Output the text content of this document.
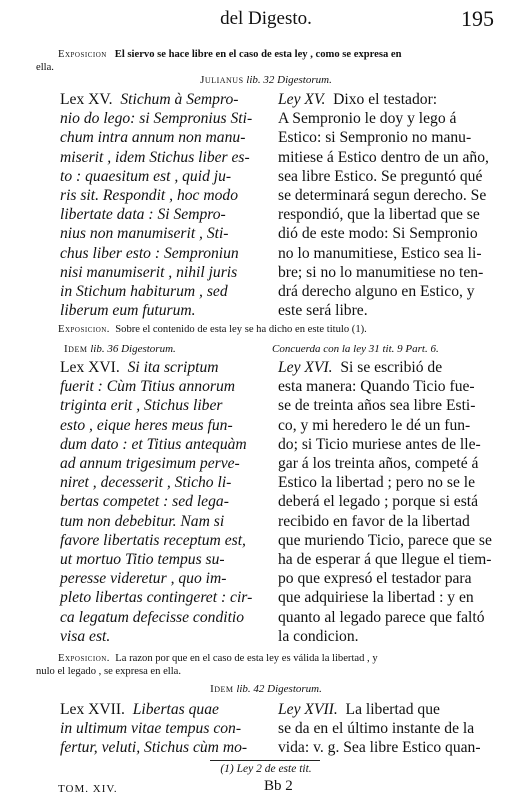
del Digesto.	195
Exposicion El siervo se hace libre en el caso de esta ley , como se expresa en
ella.
Julianus lib. 32 Digestorum.

Lex XV. Stichum à Sempro-

nio do lego: si Sempronius Sti-

chum intra annum non manu-

miserit , idem Stichus liber es-

to : quaesitum est , quid ju-

ris sit. Respondit , hoc modo

libertate data : Si Sempro-

nius non manumiserit , Sti-

chus liber esto : Semproniun

nisi manumiserit , nihil juris

in Stichum habiturum , sed

liberum eum futurum.

Ley XV. Dixo el testador:

A Sempronio le doy y lego á

Estico: si Sempronio no manu-

mitiese á Estico dentro de un año,

sea libre Estico. Se preguntó qué

se determinará segun derecho. Se

respondió, que la libertad que se

dió de este modo: Si Sempronio

no lo manumitiese, Estico sea li-

bre; si no lo manumitiese no ten-

drá derecho alguno en Estico, y

este será libre.

Exposicion. Sobre el contenido de esta ley se ha dicho en este titulo (1).
Idem lib. 36 Digestorum.	Concuerda con la ley 31 tit. 9 Part. 6.

Lex XVI. Si ita scriptum

fuerit : Cùm Titius annorum

triginta erit , Stichus liber

esto , eique heres meus fun-

dum dato : et Titius antequàm

ad annum trigesimum perve-

niret , decesserit , Sticho li-

bertas competet : sed lega-

tum non debebitur. Nam si

favore libertatis receptum est,

ut mortuo Titio tempus su-

peresse videretur , quo im-

pleto libertas contingeret : cir-

ca legatum defecisse conditio

visa est.

Ley XVI. Si se escribió de

esta manera: Quando Ticio fue-

se de treinta años sea libre Esti-

co, y mi heredero le dé un fun-

do; si Ticio muriese antes de lle-

gar á los treinta años, competé á

Estico la libertad ; pero no se le

deberá el legado ; porque si está

recibido en favor de la libertad

que muriendo Ticio, parece que se

ha de esperar á que llegue el tiem-

po que expresó el testador para

que adquiriese la libertad : y en

quanto al legado parece que faltó

la condicion.

Exposicion. La razon por que en el caso de esta ley es válida la libertad , y
nulo el legado , se expresa en ella.
Idem lib. 42 Digestorum.

Lex XVII. Libertas quae

in ultimum vitae tempus con-

fertur, veluti, Stichus cùm mo-

Ley XVII. La libertad que

se da en el último instante de la

vida: v. g. Sea libre Estico quan-

(1) Ley 2 de este tit.
TOM. XIV.	Bb 2
